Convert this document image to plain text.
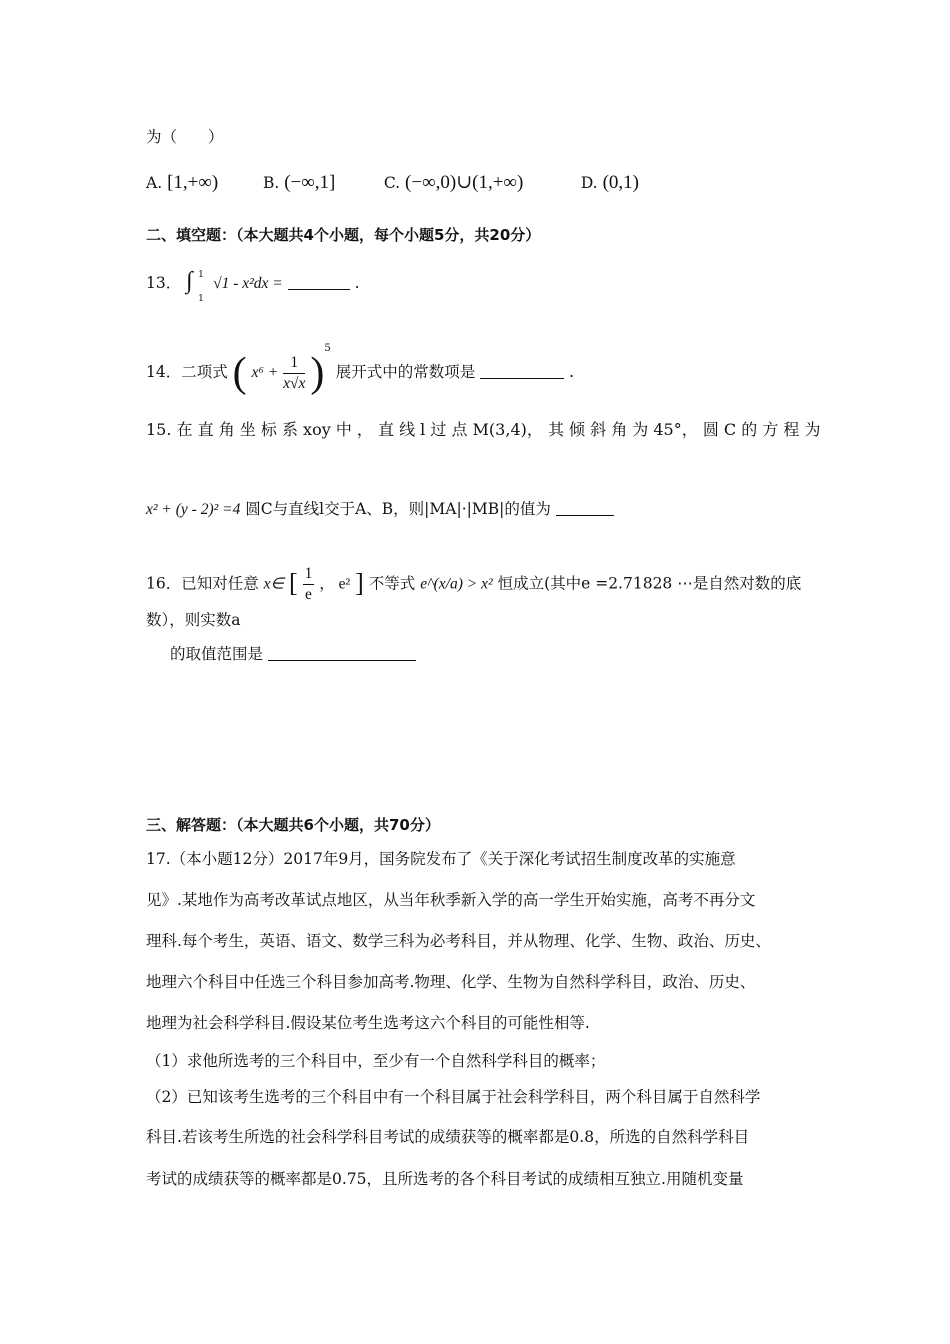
为（　　）
A. [1,+∞)	B. (−∞,1]	C. (−∞,0)∪(1,+∞)	D. (0,1)
二、填空题：（本大题共4个小题，每个小题5分，共20分）
13． ∫ 1
1
√1 - x²dx =	.
14．二项式 ( $x^6 + \frac{1}{x√x} )^5$ 展开式中的常数项是	.
15. 在 直 角 坐 标 系 xoy 中 ， 直 线 l 过 点 M(3,4)， 其 倾 斜 角 为 45°， 圆 C 的 方 程 为
x² + (y - 2)² =4 圆C与直线l交于A、B，则|MA|·|MB|的值为
16．已知对任意 x∈ [ $\frac{1}{e}$ ， e² ] 不等式 e^(x/a) > x² 恒成立(其中e =2.71828 ⋯是自然对数的底
数），则实数a
的取值范围是
三、解答题：（本大题共6个小题，共70分）
17.（本小题12分）2017年9月，国务院发布了《关于深化考试招生制度改革的实施意
见》.某地作为高考改革试点地区，从当年秋季新入学的高一学生开始实施，高考不再分文
理科.每个考生，英语、语文、数学三科为必考科目，并从物理、化学、生物、政治、历史、
地理六个科目中任选三个科目参加高考.物理、化学、生物为自然科学科目，政治、历史、
地理为社会科学科目.假设某位考生选考这六个科目的可能性相等.
（1）求他所选考的三个科目中，至少有一个自然科学科目的概率；
（2）已知该考生选考的三个科目中有一个科目属于社会科学科目，两个科目属于自然科学
科目.若该考生所选的社会科学科目考试的成绩获等的概率都是0.8，所选的自然科学科目
考试的成绩获等的概率都是0.75，且所选考的各个科目考试的成绩相互独立.用随机变量
